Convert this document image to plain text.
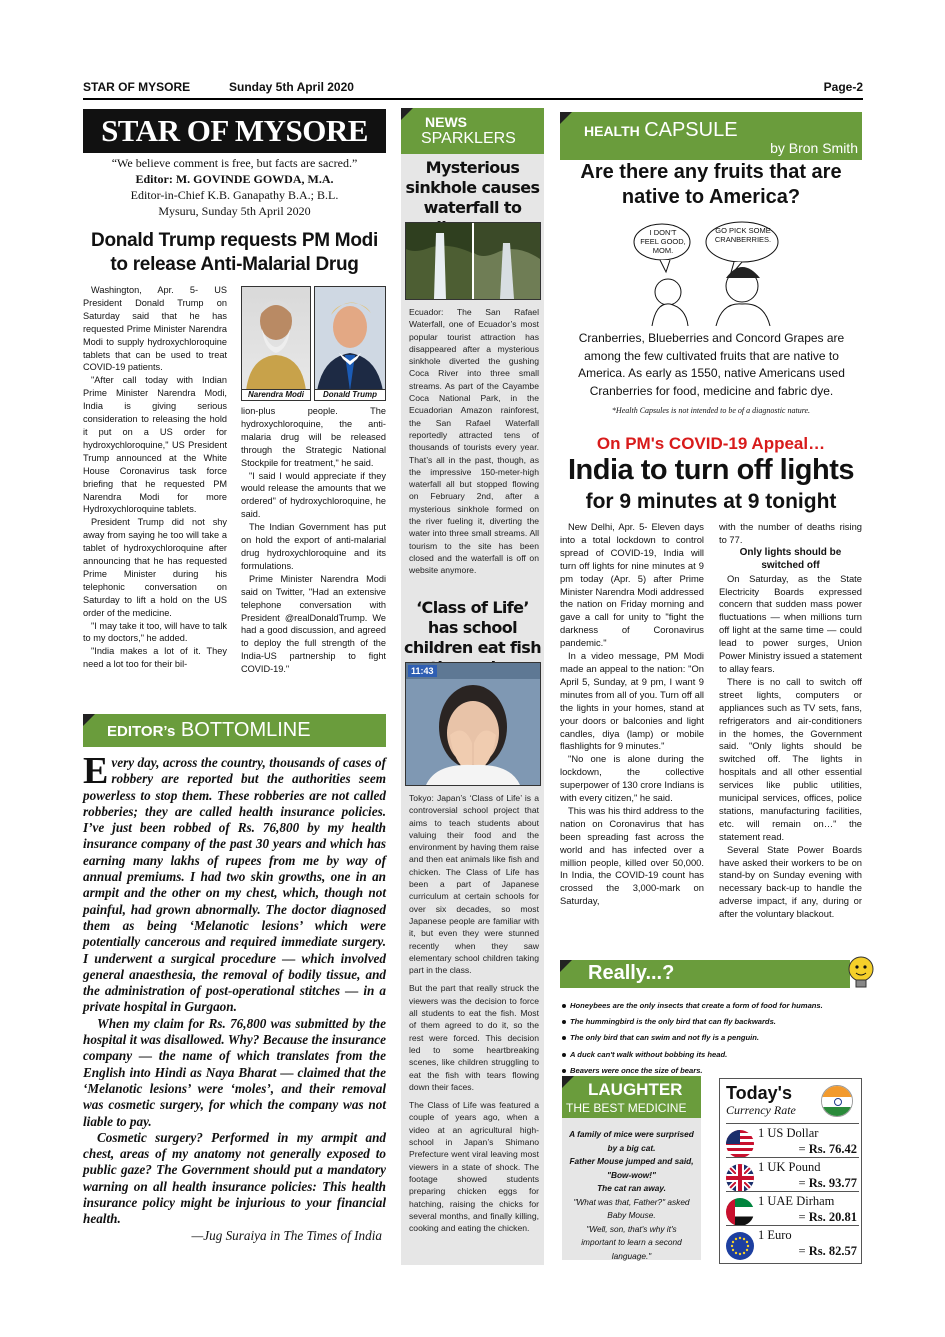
STAR OF MYSORE	Sunday 5th April 2020	Page-2
STAR OF MYSORE
“We believe comment is free, but facts are sacred.”
Editor: M. GOVINDE GOWDA, M.A.
Editor-in-Chief K.B. Ganapathy B.A.; B.L.
Mysuru, Sunday 5th April 2020
Donald Trump requests PM Modi to release Anti-Malarial Drug

Washington, Apr. 5- US President Donald Trump on Saturday said that he has requested Prime Minister Narendra Modi to supply hydroxychloroquine tablets that can be used to treat COVID-19 patients.

"After call today with Indian Prime Minister Narendra Modi, India is giving serious consideration to releasing the hold it put on a US order for hydroxychloroquine," US President Trump announced at the White House Coronavirus task force briefing that he requested PM Narendra Modi for more Hydroxychloroquine tablets.

President Trump did not shy away from saying he too will take a tablet of hydroxychloroquine after announcing that he has requested Prime Minister during his telephonic conversation on Saturday to lift a hold on the US order of the medicine.

"I may take it too, will have to talk to my doctors," he added.

"India makes a lot of it. They need a lot too for their bil-

Narendra Modi	Donald Trump

lion-plus people. The hydroxychloroquine, the anti-malaria drug will be released through the Strategic National Stockpile for treatment," he said.

"I said I would appreciate if they would release the amounts that we ordered" of hydroxychloroquine, he said.

The Indian Government has put on hold the export of anti-malarial drug hydroxychloroquine and its formulations.

Prime Minister Narendra Modi said on Twitter, "Had an extensive telephone conversation with President @realDonaldTrump. We had a good discussion, and agreed to deploy the full strength of the India-US partnership to fight COVID-19."

EDITOR’s BOTTOMLINE

Every day, across the country, thousands of cases of robbery are reported but the authorities seem powerless to stop them. These robberies are not called robberies; they are called health insurance policies. I’ve just been robbed of Rs. 76,800 by my health insurance company of the past 30 years and which has earning many lakhs of rupees from me by way of annual premiums. I had two skin growths, one in an armpit and the other on my chest, which, though not painful, had grown abnormally. The doctor diagnosed them as being ‘Melanotic lesions’ which were potentially cancerous and required immediate surgery. I underwent a surgical procedure — which involved general anaesthesia, the removal of bodily tissue, and the administration of post-operational stitches — in a private hospital in Gurgaon.

When my claim for Rs. 76,800 was submitted by the hospital it was disallowed. Why? Because the insurance company — the name of which translates from the English into Hindi as Naya Bharat — claimed that the ‘Melanotic lesions’ were ‘moles’, and their removal was cosmetic surgery, for which the company was not liable to pay.

Cosmetic surgery? Performed in my armpit and chest, areas of my anatomy not generally exposed to public gaze? The Government should put a mandatory warning on all health insurance policies: This health insurance policy might be injurious to your financial health.

—Jug Suraiya in The Times of India
NEWS
SPARKLERS
Mysterious sinkhole causes waterfall to

Ecuador: The San Rafael Waterfall, one of Ecuador’s most popular tourist attraction has disappeared after a mysterious sinkhole diverted the gushing Coca River into three small streams. As part of the Cayambe Coca National Park, in the Ecuadorian Amazon rainforest, the San Rafael Waterfall reportedly attracted tens of thousands of tourists every year. That’s all in the past, though, as the impressive 150-meter-high waterfall all but stopped flowing on February 2nd, after a mysterious sinkhole formed on the river fueling it, diverting the water into three small streams. All tourism to the site has been closed and the waterfall is off on website anymore.

‘Class of Life’ has school children eat fish
11:43

Tokyo: Japan’s ‘Class of Life’ is a controversial school project that aims to teach students about valuing their food and the environment by having them raise and then eat animals like fish and chicken. The Class of Life has been a part of Japanese curriculum at certain schools for over six decades, so most Japanese people are familiar with it, but even they were stunned recently when they saw elementary school children taking part in the class.

But the part that really struck the viewers was the decision to force all students to eat the fish. Most of them agreed to do it, so the rest were forced. This decision led to some heartbreaking scenes, like children struggling to eat the fish with tears flowing down their faces.

The Class of Life was featured a couple of years ago, when a video at an agricultural high-school in Japan’s Shimano Prefecture went viral leaving most viewers in a state of shock. The footage showed students preparing chicken eggs for hatching, raising the chicks for several months, and finally killing, cooking and eating the chicken.

HEALTH CAPSULE
by Bron Smith
Are there any fruits that are native to America?
I DON'T FEEL GOOD, MOM.
GO PICK SOME CRANBERRIES.
Cranberries, Blueberries and Concord Grapes are among the few cultivated fruits that are native to America. As early as 1550, native Americans used Cranberries for food, medicine and fabric dye.
*Health Capsules is not intended to be of a diagnostic nature.
On PM's COVID-19 Appeal…
India to turn off lights
for 9 minutes at 9 tonight

New Delhi, Apr. 5- Eleven days into a total lockdown to control spread of COVID-19, India will turn off lights for nine minutes at 9 pm today (Apr. 5) after Prime Minister Narendra Modi addressed the nation on Friday morning and gave a call for unity to "fight the darkness of Coronavirus pandemic."

In a video message, PM Modi made an appeal to the nation: "On April 5, Sunday, at 9 pm, I want 9 minutes from all of you. Turn off all the lights in your homes, stand at your doors or balconies and light candles, diya (lamp) or mobile flashlights for 9 minutes."

"No one is alone during the lockdown, the collective superpower of 130 crore Indians is with every citizen," he said.

This was his third address to the nation on Coronavirus that has been spreading fast across the world and has infected over a million people, killed over 50,000. In India, the COVID-19 count has crossed the 3,000-mark on Saturday,

with the number of deaths rising to 77.

Only lights should be switched off

On Saturday, as the State Electricity Boards expressed concern that sudden mass power fluctuations — when millions turn off light at the same time — could lead to power surges, Union Power Ministry issued a statement to allay fears.

There is no call to switch off street lights, computers or appliances such as TV sets, fans, refrigerators and air-conditioners in the homes, the Government said. "Only lights should be switched off. The lights in hospitals and all other essential services like public utilities, municipal services, offices, police stations, manufacturing facilities, etc. will remain on…" the statement read.

Several State Power Boards have asked their workers to be on stand-by on Sunday evening with necessary back-up to handle the adverse impact, if any, during or after the voluntary blackout.

Really...?
Honeybees are the only insects that create a form of food for humans.
The hummingbird is the only bird that can fly backwards.
The only bird that can swim and not fly is a penguin.
A duck can't walk without bobbing its head.
Beavers were once the size of bears.
LAUGHTER
THE BEST MEDICINE
A family of mice were surprised by a big cat.
Father Mouse jumped and said, "Bow-wow!"
The cat ran away.
"What was that, Father?" asked Baby Mouse.
"Well, son, that's why it's important to learn a second language."
Today's
Currency Rate
1 US Dollar
= Rs. 76.42
1 UK Pound
= Rs. 93.77
1 UAE Dirham
= Rs. 20.81
1 Euro
= Rs. 82.57
